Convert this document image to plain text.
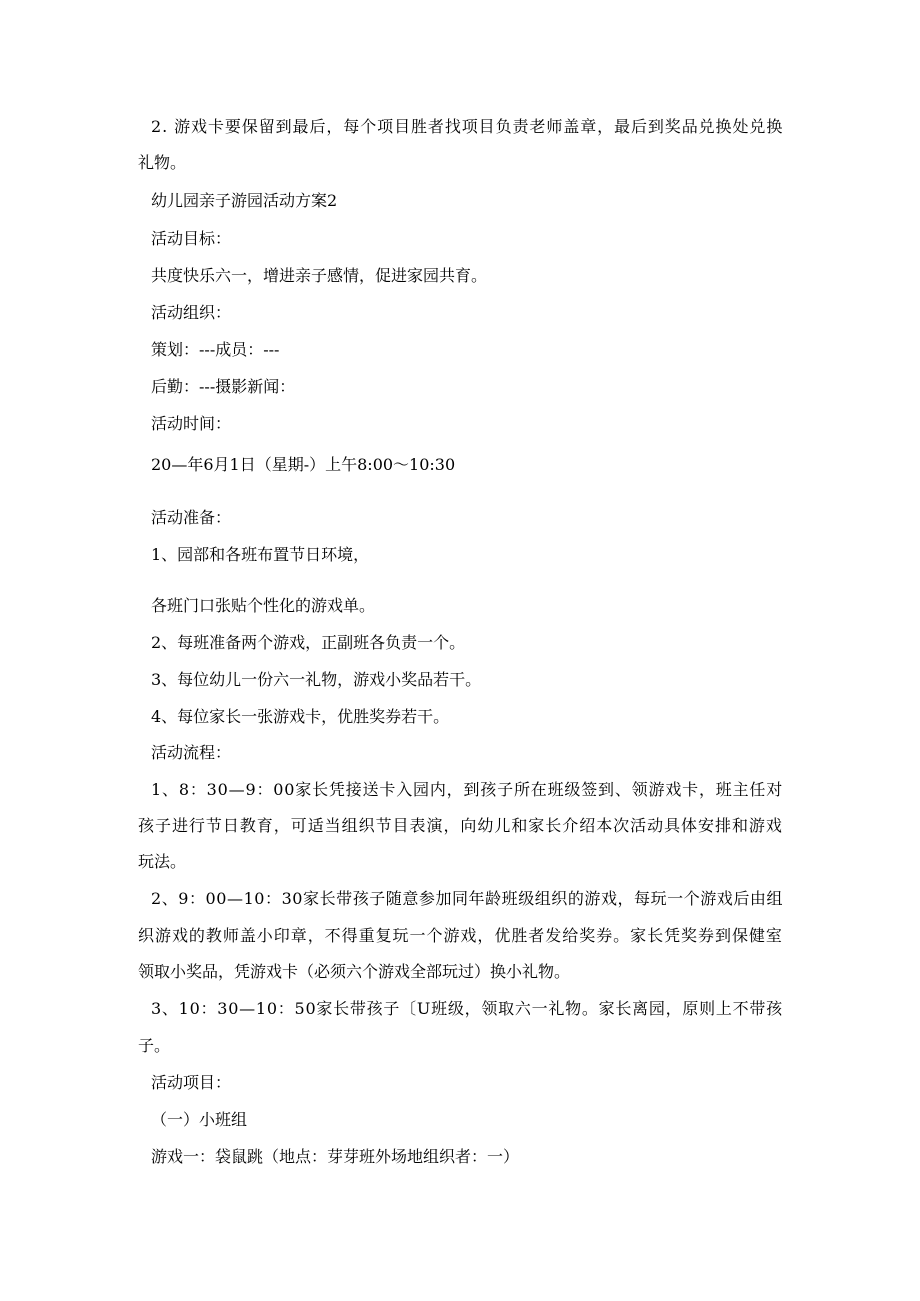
2. 游戏卡要保留到最后，每个项目胜者找项目负责老师盖章，最后到奖品兑换处兑换
礼物。
幼儿园亲子游园活动方案2
活动目标：
共度快乐六一，增进亲子感情，促进家园共育。
活动组织：
策划：---成员：---
后勤：---摄影新闻：
活动时间：
20—年6月1日（星期-）上午8:00～10:30
活动准备：
1、园部和各班布置节日环境，
各班门口张贴个性化的游戏单。
2、每班准备两个游戏，正副班各负责一个。
3、每位幼儿一份六一礼物，游戏小奖品若干。
4、每位家长一张游戏卡，优胜奖券若干。
活动流程：
1、8：30—9：00家长凭接送卡入园内，到孩子所在班级签到、领游戏卡，班主任对
孩子进行节日教育，可适当组织节目表演，向幼儿和家长介绍本次活动具体安排和游戏
玩法。
2、9：00—10：30家长带孩子随意参加同年龄班级组织的游戏，每玩一个游戏后由组
织游戏的教师盖小印章，不得重复玩一个游戏，优胜者发给奖券。家长凭奖券到保健室
领取小奖品，凭游戏卡（必须六个游戏全部玩过）换小礼物。
3、10：30—10：50家长带孩子〔U班级，领取六一礼物。家长离园，原则上不带孩
子。
活动项目：
（一）小班组
游戏一：袋鼠跳（地点：芽芽班外场地组织者：一）
